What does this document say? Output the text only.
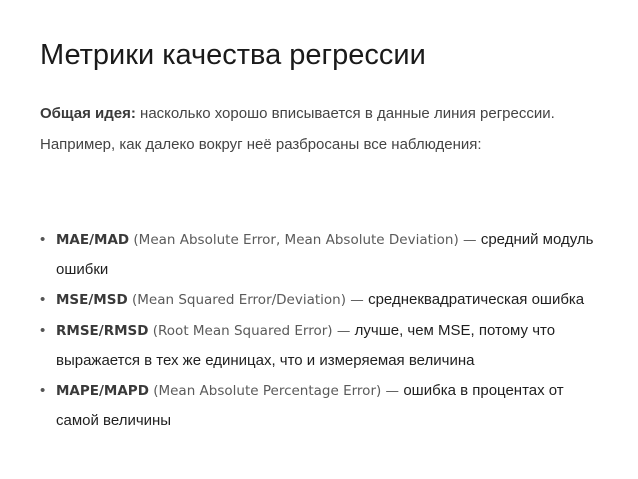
Метрики качества регрессии
Общая идея: насколько хорошо вписывается в данные линия регрессии. Например, как далеко вокруг неё разбросаны все наблюдения:
• MAE/MAD (Mean Absolute Error, Mean Absolute Deviation) — средний модуль ошибки
• MSE/MSD (Mean Squared Error/Deviation) — среднеквадратическая ошибка
• RMSE/RMSD (Root Mean Squared Error) — лучше, чем MSE, потому что выражается в тех же единицах, что и измеряемая величина
• MAPE/MAPD (Mean Absolute Percentage Error) — ошибка в процентах от самой величины
